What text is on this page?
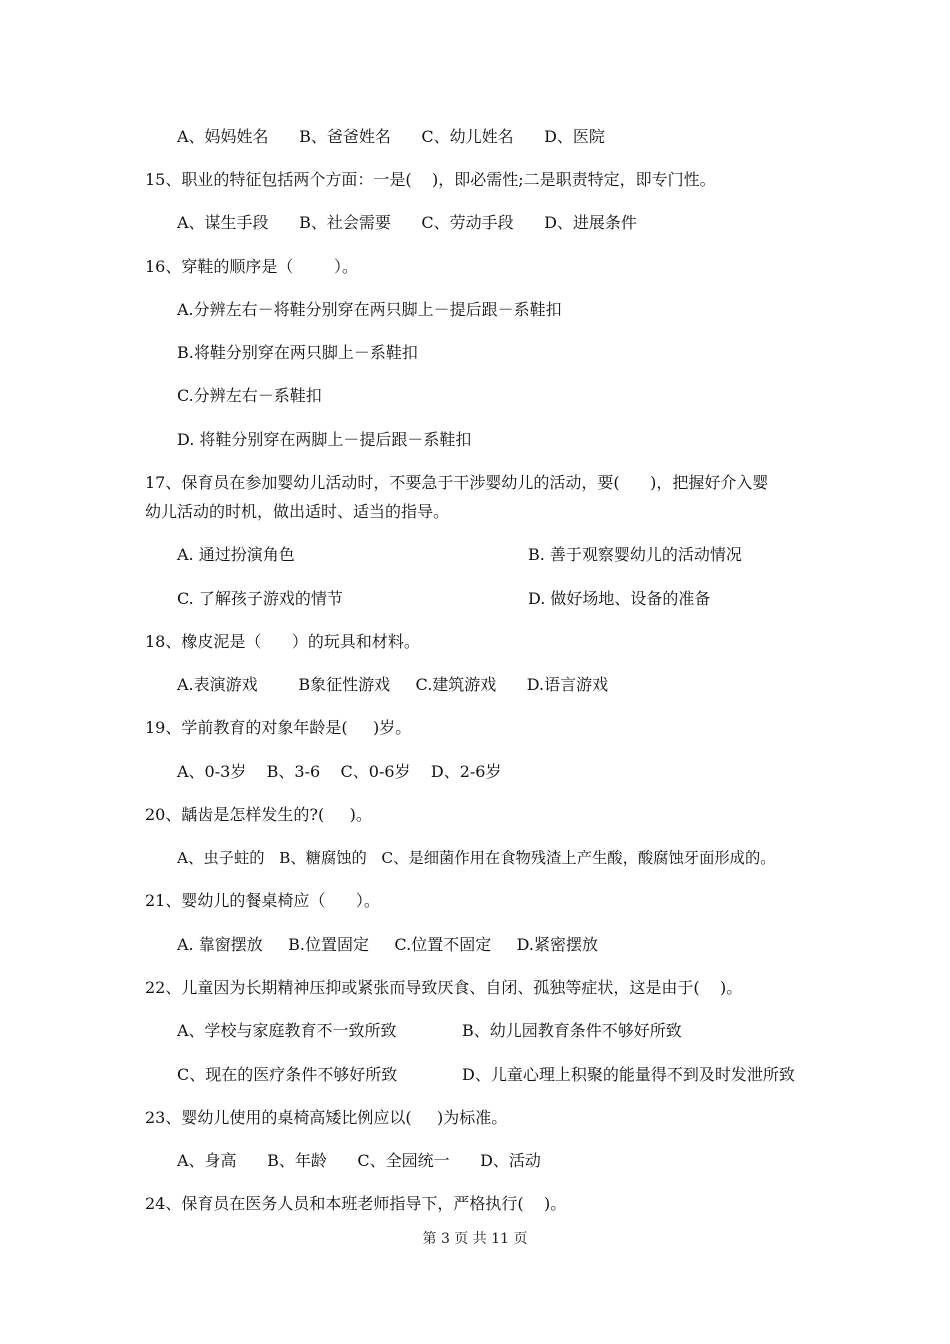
A、妈妈姓名      B、爸爸姓名      C、幼儿姓名      D、医院
15、职业的特征包括两个方面：一是(    )，即必需性;二是职责特定，即专门性。
A、谋生手段      B、社会需要      C、劳动手段      D、进展条件
16、穿鞋的顺序是（        ）。
A.分辨左右－将鞋分别穿在两只脚上－提后跟－系鞋扣
B.将鞋分别穿在两只脚上－系鞋扣
C.分辨左右－系鞋扣
D. 将鞋分别穿在两脚上－提后跟－系鞋扣
17、保育员在参加婴幼儿活动时，不要急于干涉婴幼儿的活动，要(      )，把握好介入婴
幼儿活动的时机，做出适时、适当的指导。
A. 通过扮演角色	B. 善于观察婴幼儿的活动情况
C. 了解孩子游戏的情节	D. 做好场地、设备的准备
18、橡皮泥是（      ）的玩具和材料。
A.表演游戏        B象征性游戏     C.建筑游戏      D.语言游戏
19、学前教育的对象年龄是(     )岁。
A、0-3岁    B、3-6    C、0-6岁    D、2-6岁
20、龋齿是怎样发生的?(     )。
A、虫子蛀的   B、糖腐蚀的   C、是细菌作用在食物残渣上产生酸，酸腐蚀牙面形成的。
21、婴幼儿的餐桌椅应（      ）。
A. 靠窗摆放     B.位置固定     C.位置不固定     D.紧密摆放
22、儿童因为长期精神压抑或紧张而导致厌食、自闭、孤独等症状，这是由于(    )。
A、学校与家庭教育不一致所致	B、幼儿园教育条件不够好所致
C、现在的医疗条件不够好所致	D、儿童心理上积聚的能量得不到及时发泄所致
23、婴幼儿使用的桌椅高矮比例应以(     )为标准。
A、身高      B、年龄      C、全园统一      D、活动
24、保育员在医务人员和本班老师指导下，严格执行(    )。
第 3 页 共 11 页
